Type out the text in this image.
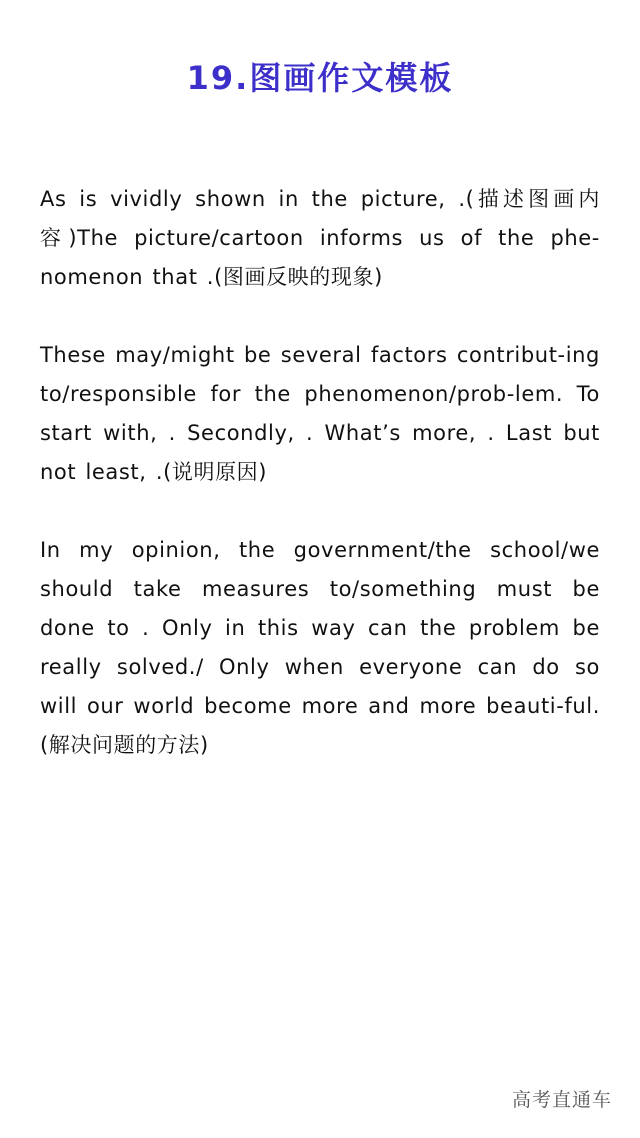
19.图画作文模板

As is vividly shown in the picture, .(描述图画内容)The picture/cartoon informs us of the phe-nomenon that .(图画反映的现象)

These may/might be several factors contribut-ing to/responsible for the phenomenon/prob-lem. To start with, . Secondly, . What’s more, . Last but not least, .(说明原因)

In my opinion, the government/the school/we should take measures to/something must be done to . Only in this way can the problem be really solved./ Only when everyone can do so will our world become more and more beauti-ful.(解决问题的方法)

高考直通车
